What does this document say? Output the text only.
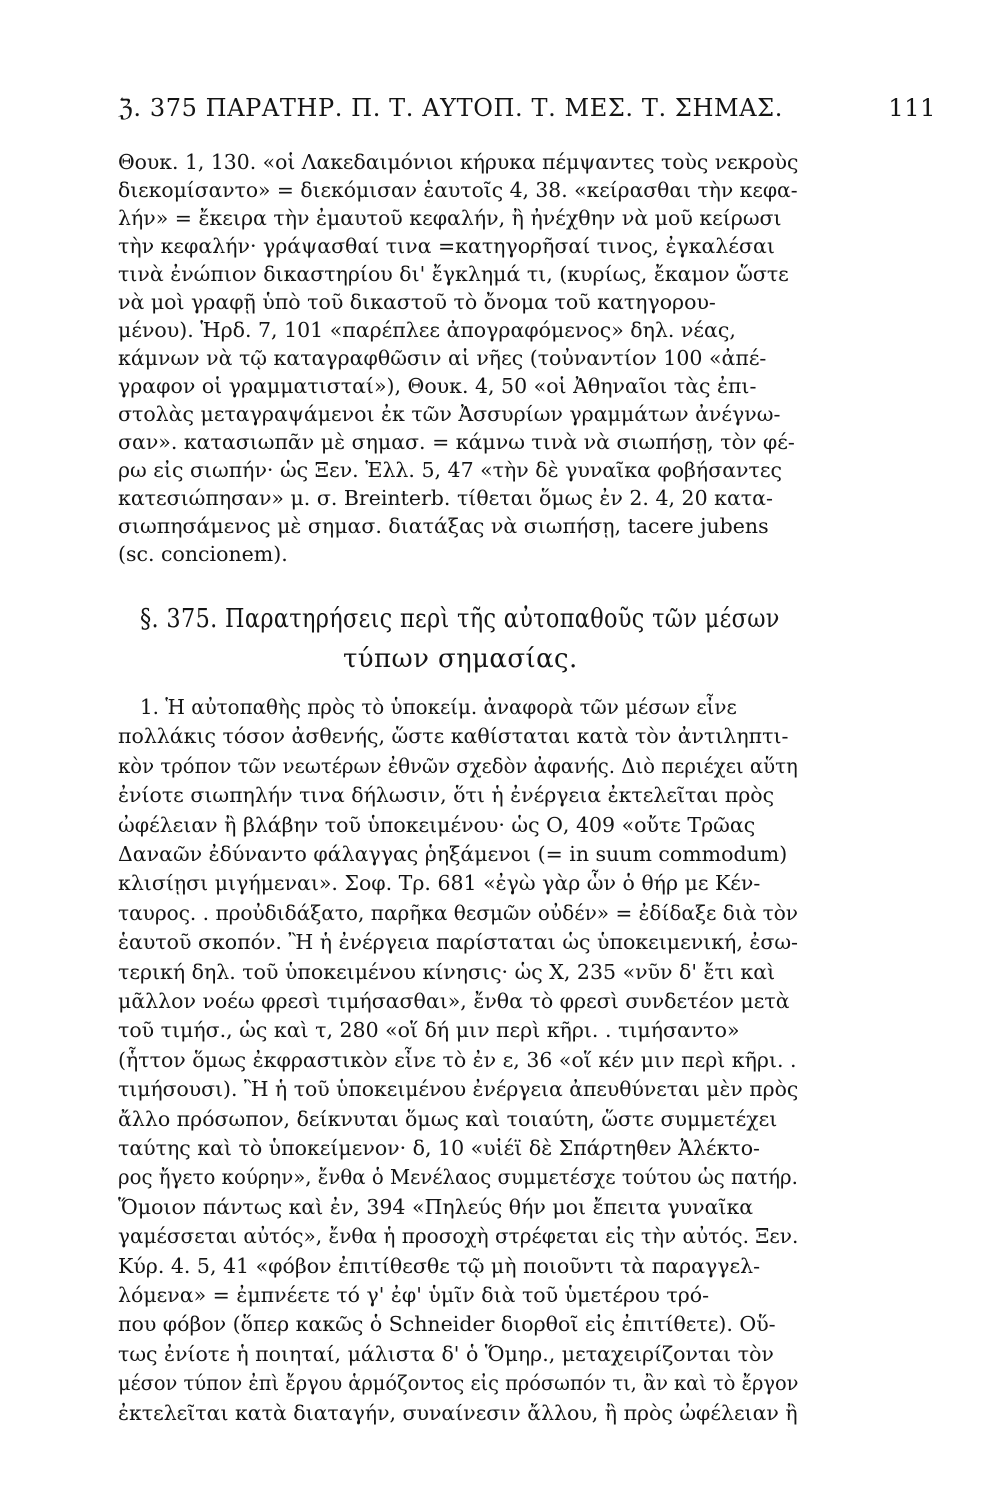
ℨ. 375 ΠΑΡΑΤΗΡ. Π. Τ. ΑΥΤΟΠ. Τ. ΜΕΣ. Τ. ΣΗΜΑΣ.	111
Θουκ. 1, 130. «οἱ Λακεδαιμόνιοι κήρυκα πέμψαντες τοὺς νεκροὺς
διεκομίσαντο» = διεκόμισαν ἑαυτοῖς 4, 38. «κείρασθαι τὴν κεφα-
λήν» = ἔκειρα τὴν ἐμαυτοῦ κεφαλήν, ἢ ἠνέχθην νὰ μοῦ κείρωσι
τὴν κεφαλήν· γράψασθαί τινα =κατηγορῆσαί τινος, ἐγκαλέσαι
τινὰ ἐνώπιον δικαστηρίου δι' ἔγκλημά τι, (κυρίως, ἔκαμον ὥστε
νὰ μοὶ γραφῇ ὑπὸ τοῦ δικαστοῦ τὸ ὄνομα τοῦ κατηγορου-
μένου). Ἡρδ. 7, 101 «παρέπλεε ἀπογραφόμενος» δηλ. νέας,
κάμνων νὰ τῷ καταγραφθῶσιν αἱ νῆες (τοὐναντίον 100 «ἀπέ-
γραφον οἱ γραμματισταί»), Θουκ. 4, 50 «οἱ Ἀθηναῖοι τὰς ἐπι-
στολὰς μεταγραψάμενοι ἐκ τῶν Ἀσσυρίων γραμμάτων ἀνέγνω-
σαν». κατασιωπᾶν μὲ σημασ. = κάμνω τινὰ νὰ σιωπήσῃ, τὸν φέ-
ρω εἰς σιωπήν· ὡς Ξεν. Ἑλλ. 5, 47 «τὴν δὲ γυναῖκα φοβήσαντες
κατεσιώπησαν» μ. σ. Breinterb. τίθεται ὅμως ἐν 2. 4, 20 κατα-
σιωπησάμενος μὲ σημασ. διατάξας νὰ σιωπήσῃ, tacere jubens
(sc. concionem).
§. 375. Παρατηρήσεις περὶ τῆς αὐτοπαθοῦς τῶν μέσων
τύπων σημασίας.
1. Ἡ αὐτοπαθὴς πρὸς τὸ ὑποκείμ. ἀναφορὰ τῶν μέσων εἶνε
πολλάκις τόσον ἀσθενής, ὥστε καθίσταται κατὰ τὸν ἀντιληπτι-
κὸν τρόπον τῶν νεωτέρων ἐθνῶν σχεδὸν ἀφανής. Διὸ περιέχει αὕτη
ἐνίοτε σιωπηλήν τινα δήλωσιν, ὅτι ἡ ἐνέργεια ἐκτελεῖται πρὸς
ὠφέλειαν ἢ βλάβην τοῦ ὑποκειμένου· ὡς Ο, 409 «οὔτε Τρῶας
Δαναῶν ἐδύναντο φάλαγγας ῥηξάμενοι (= in suum commodum)
κλισίῃσι μιγήμεναι». Σοφ. Τρ. 681 «ἐγὼ γὰρ ὧν ὁ θήρ με Κέν-
ταυρος. . προὐδιδάξατο, παρῆκα θεσμῶν οὐδέν» = ἐδίδαξε διὰ τὸν
ἑαυτοῦ σκοπόν. Ἢ ἡ ἐνέργεια παρίσταται ὡς ὑποκειμενική, ἐσω-
τερική δηλ. τοῦ ὑποκειμένου κίνησις· ὡς Χ, 235 «νῦν δ' ἔτι καὶ
μᾶλλον νοέω φρεσὶ τιμήσασθαι», ἔνθα τὸ φρεσὶ συνδετέον μετὰ
τοῦ τιμήσ., ὡς καὶ τ, 280 «οἵ δή μιν περὶ κῆρι. . τιμήσαντο»
(ἧττον ὅμως ἐκφραστικὸν εἶνε τὸ ἐν ε, 36 «οἵ κέν μιν περὶ κῆρι. .
τιμήσουσι). Ἢ ἡ τοῦ ὑποκειμένου ἐνέργεια ἀπευθύνεται μὲν πρὸς
ἄλλο πρόσωπον, δείκνυται ὅμως καὶ τοιαύτη, ὥστε συμμετέχει
ταύτης καὶ τὸ ὑποκείμενον· δ, 10 «υἱέϊ δὲ Σπάρτηθεν Ἀλέκτο-
ρος ἤγετο κούρην», ἔνθα ὁ Μενέλαος συμμετέσχε τούτου ὡς πατήρ.
Ὅμοιον πάντως καὶ ἐν, 394 «Πηλεύς θήν μοι ἔπειτα γυναῖκα
γαμέσσεται αὐτός», ἔνθα ἡ προσοχὴ στρέφεται εἰς τὴν αὐτός. Ξεν.
Κύρ. 4. 5, 41 «φόβον ἐπιτίθεσθε τῷ μὴ ποιοῦντι τὰ παραγγελ-
λόμενα» = ἐμπνέετε τό γ' ἐφ' ὑμῖν διὰ τοῦ ὑμετέρου τρό-
που φόβον (ὅπερ κακῶς ὁ Schneider διορθοῖ εἰς ἐπιτίθετε). Οὕ-
τως ἐνίοτε ἡ ποιηταί, μάλιστα δ' ὁ Ὅμηρ., μεταχειρίζονται τὸν
μέσον τύπον ἐπὶ ἔργου ἁρμόζοντος εἰς πρόσωπόν τι, ἂν καὶ τὸ ἔργον
ἐκτελεῖται κατὰ διαταγήν, συναίνεσιν ἄλλου, ἢ πρὸς ὠφέλειαν ἢ
